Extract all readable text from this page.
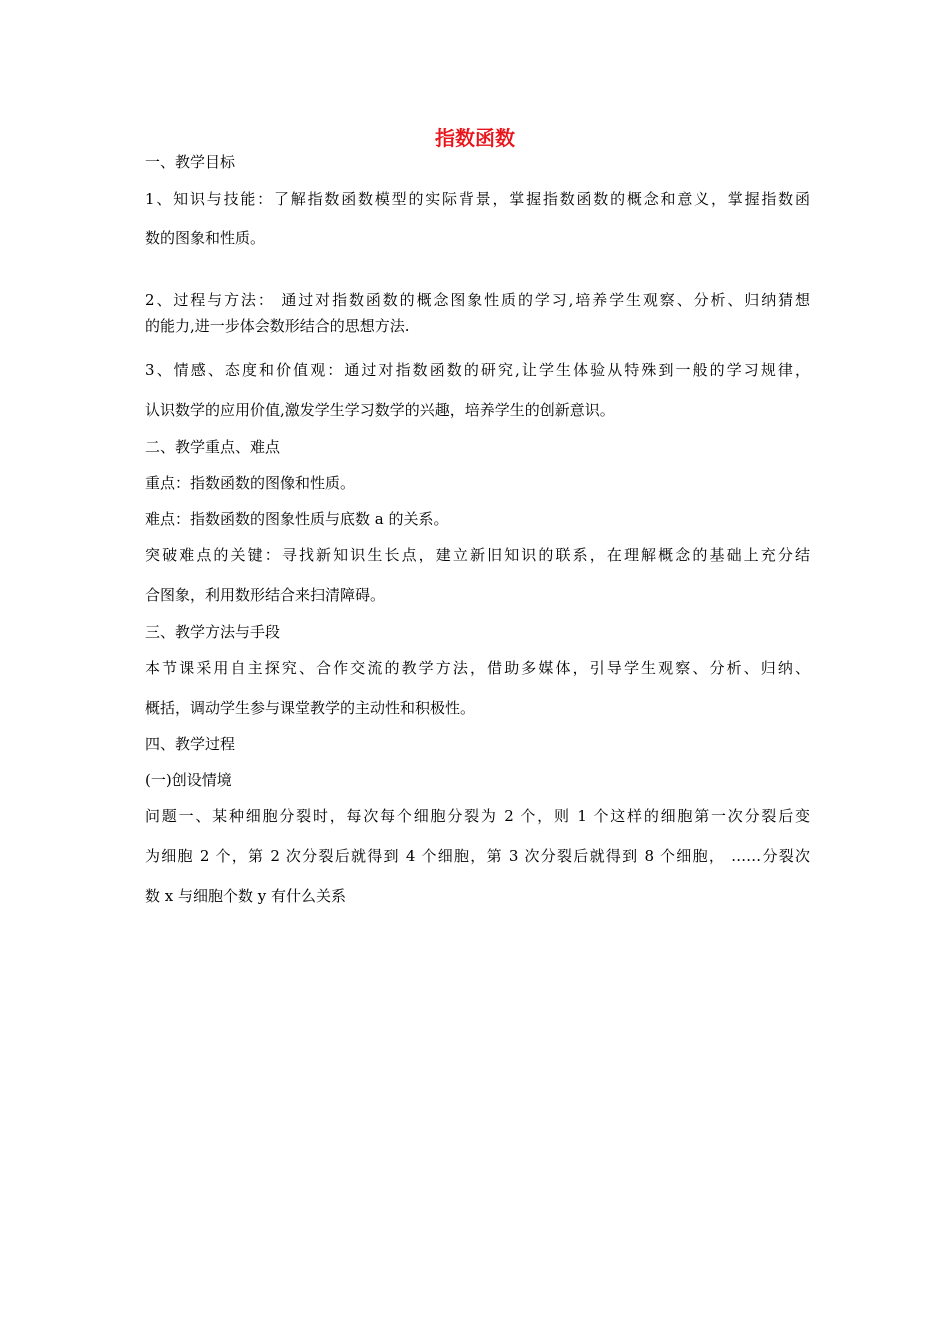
指数函数
一、教学目标
1、知识与技能：了解指数函数模型的实际背景，掌握指数函数的概念和意义，掌握指数函
数的图象和性质。
2、过程与方法： 通过对指数函数的概念图象性质的学习,培养学生观察、分析、归纳猜想
的能力,进一步体会数形结合的思想方法.
3、情感、态度和价值观：通过对指数函数的研究,让学生体验从特殊到一般的学习规律，
认识数学的应用价值,激发学生学习数学的兴趣，培养学生的创新意识。
二、教学重点、难点
重点：指数函数的图像和性质。
难点：指数函数的图象性质与底数 a 的关系。
突破难点的关键：寻找新知识生长点，建立新旧知识的联系，在理解概念的基础上充分结
合图象，利用数形结合来扫清障碍。
三、教学方法与手段
本节课采用自主探究、合作交流的教学方法，借助多媒体，引导学生观察、分析、归纳、
概括，调动学生参与课堂教学的主动性和积极性。
四、教学过程
(一)创设情境
问题一、某种细胞分裂时，每次每个细胞分裂为 2 个，则 1 个这样的细胞第一次分裂后变
为细胞 2 个，第 2 次分裂后就得到 4 个细胞，第 3 次分裂后就得到 8 个细胞， ……分裂次
数 x 与细胞个数 y 有什么关系
